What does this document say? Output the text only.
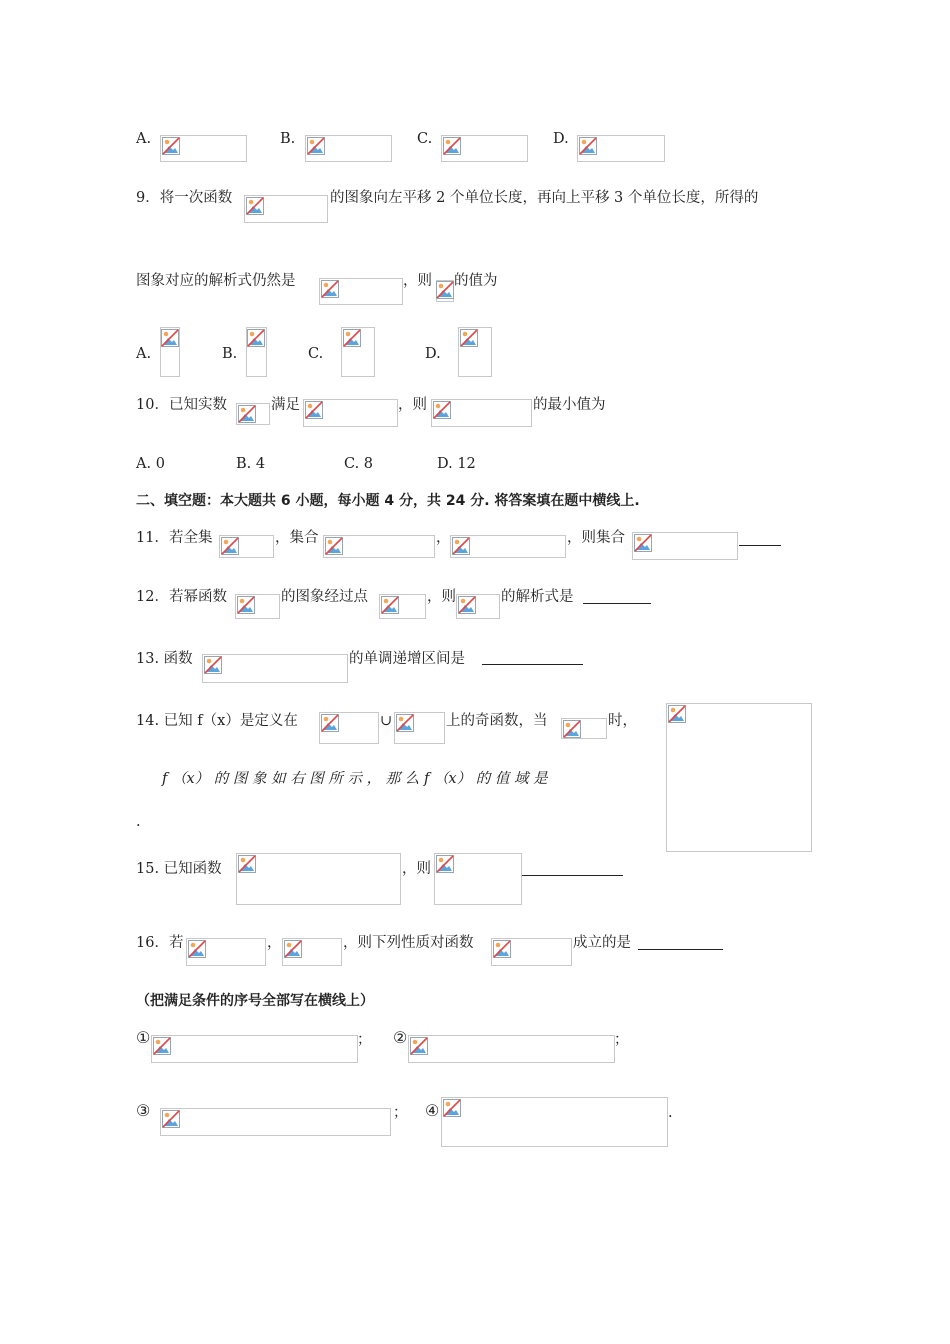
A.	B.	C.	D.
9．将一次函数	的图象向左平移 2 个单位长度，再向上平移 3 个单位长度，所得的
图象对应的解析式仍然是	，则 的值为
A.	B.	C.	D.
10．已知实数	满足	，则	的最小值为
A. 0	B. 4	C. 8	D. 12
二、填空题：本大题共 6 小题，每小题 4 分，共 24 分. 将答案填在题中横线上.
11．若全集	，集合	，	，则集合
12．若幂函数	的图象经过点	，则	的解析式是
13. 函数	的单调递增区间是
14. 已知 f（x）是定义在	∪	上的奇函数，当	时，
f （x） 的 图 象 如 右 图 所 示 ， 那 么 f （x） 的 值 域 是
.
15. 已知函数	，则
16．若	，	，则下列性质对函数	成立的是
（把满足条件的序号全部写在横线上）
①	； ②	；
③	； ④	.
